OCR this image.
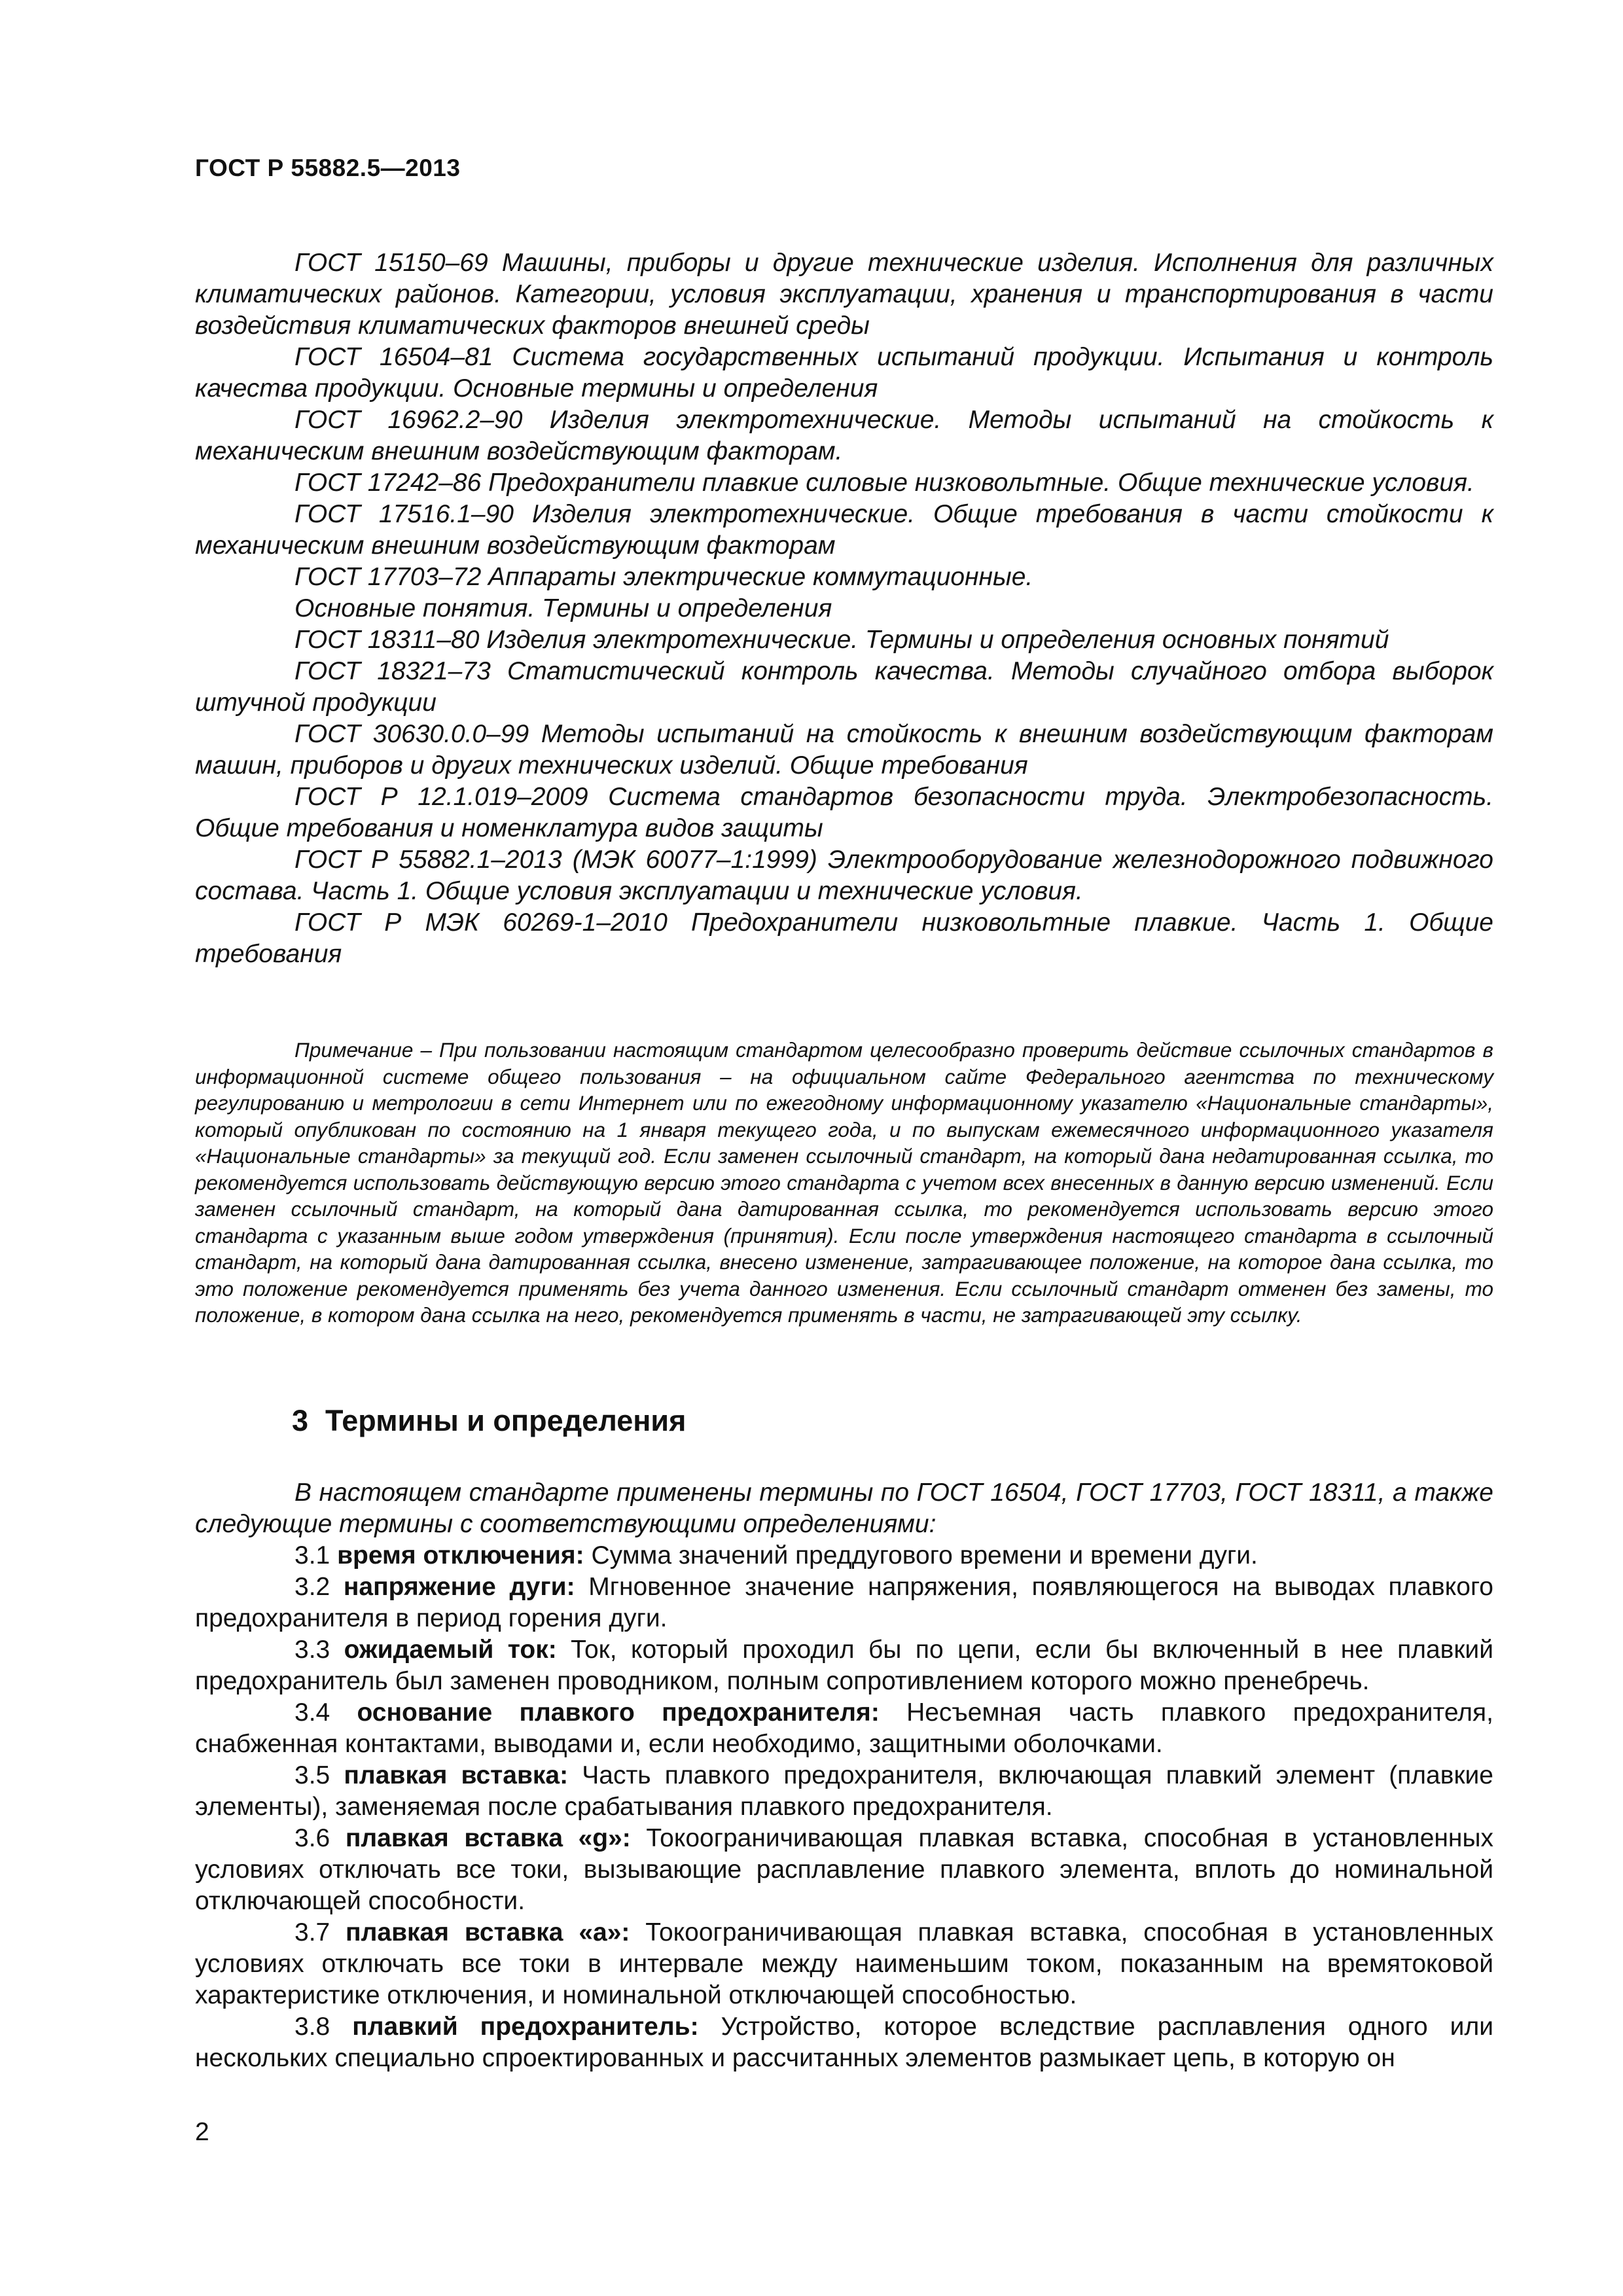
ГОСТ Р 55882.5—2013

ГОСТ 15150–69 Машины, приборы и другие технические изделия. Исполнения для различных климатических районов. Категории, условия эксплуатации, хранения и транспортирования в части воздействия климатических факторов внешней среды

ГОСТ 16504–81 Система государственных испытаний продукции. Испытания и контроль качества продукции. Основные термины и определения

ГОСТ 16962.2–90 Изделия электротехнические. Методы испытаний на стойкость к механическим внешним воздействующим факторам.

ГОСТ 17242–86 Предохранители плавкие силовые низковольтные. Общие технические условия.

ГОСТ 17516.1–90 Изделия электротехнические. Общие требования в части стойкости к механическим внешним воздействующим факторам

ГОСТ 17703–72 Аппараты электрические коммутационные.

Основные понятия. Термины и определения

ГОСТ 18311–80 Изделия электротехнические. Термины и определения основных понятий

ГОСТ 18321–73 Статистический контроль качества. Методы случайного отбора выборок штучной продукции

ГОСТ 30630.0.0–99 Методы испытаний на стойкость к внешним воздействующим факторам машин, приборов и других технических изделий. Общие требования

ГОСТ Р 12.1.019–2009 Система стандартов безопасности труда. Электробезопасность. Общие требования и номенклатура видов защиты

ГОСТ Р 55882.1–2013 (МЭК 60077–1:1999) Электрооборудование железнодорожного подвижного состава. Часть 1. Общие условия эксплуатации и технические условия.

ГОСТ Р МЭК 60269-1–2010 Предохранители низковольтные плавкие. Часть 1. Общие требования

Примечание – При пользовании настоящим стандартом целесообразно проверить действие ссылочных стандартов в информационной системе общего пользования – на официальном сайте Федерального агентства по техническому регулированию и метрологии в сети Интернет или по ежегодному информационному указателю «Национальные стандарты», который опубликован по состоянию на 1 января текущего года, и по выпускам ежемесячного информационного указателя «Национальные стандарты» за текущий год. Если заменен ссылочный стандарт, на который дана недатированная ссылка, то рекомендуется использовать действующую версию этого стандарта с учетом всех внесенных в данную версию изменений. Если заменен ссылочный стандарт, на который дана датированная ссылка, то рекомендуется использовать версию этого стандарта с указанным выше годом утверждения (принятия). Если после утверждения настоящего стандарта в ссылочный стандарт, на который дана датированная ссылка, внесено изменение, затрагивающее положение, на которое дана ссылка, то это положение рекомендуется применять без учета данного изменения. Если ссылочный стандарт отменен без замены, то положение, в котором дана ссылка на него, рекомендуется применять в части, не затрагивающей эту ссылку.

3 Термины и определения

В настоящем стандарте применены термины по ГОСТ 16504, ГОСТ 17703, ГОСТ 18311, а также следующие термины с соответствующими определениями:

3.1 время отключения: Сумма значений преддугового времени и времени дуги.

3.2 напряжение дуги: Мгновенное значение напряжения, появляющегося на выводах плавкого предохранителя в период горения дуги.

3.3 ожидаемый ток: Ток, который проходил бы по цепи, если бы включенный в нее плавкий предохранитель был заменен проводником, полным сопротивлением которого можно пренебречь.

3.4 основание плавкого предохранителя: Несъемная часть плавкого предохранителя, снабженная контактами, выводами и, если необходимо, защитными оболочками.

3.5 плавкая вставка: Часть плавкого предохранителя, включающая плавкий элемент (плавкие элементы), заменяемая после срабатывания плавкого предохранителя.

3.6 плавкая вставка «g»: Токоограничивающая плавкая вставка, способная в установленных условиях отключать все токи, вызывающие расплавление плавкого элемента, вплоть до номинальной отключающей способности.

3.7 плавкая вставка «а»: Токоограничивающая плавкая вставка, способная в установленных условиях отключать все токи в интервале между наименьшим током, показанным на времятоковой характеристике отключения, и номинальной отключающей способностью.

3.8 плавкий предохранитель: Устройство, которое вследствие расплавления одного или нескольких специально спроектированных и рассчитанных элементов размыкает цепь, в которую он

2
